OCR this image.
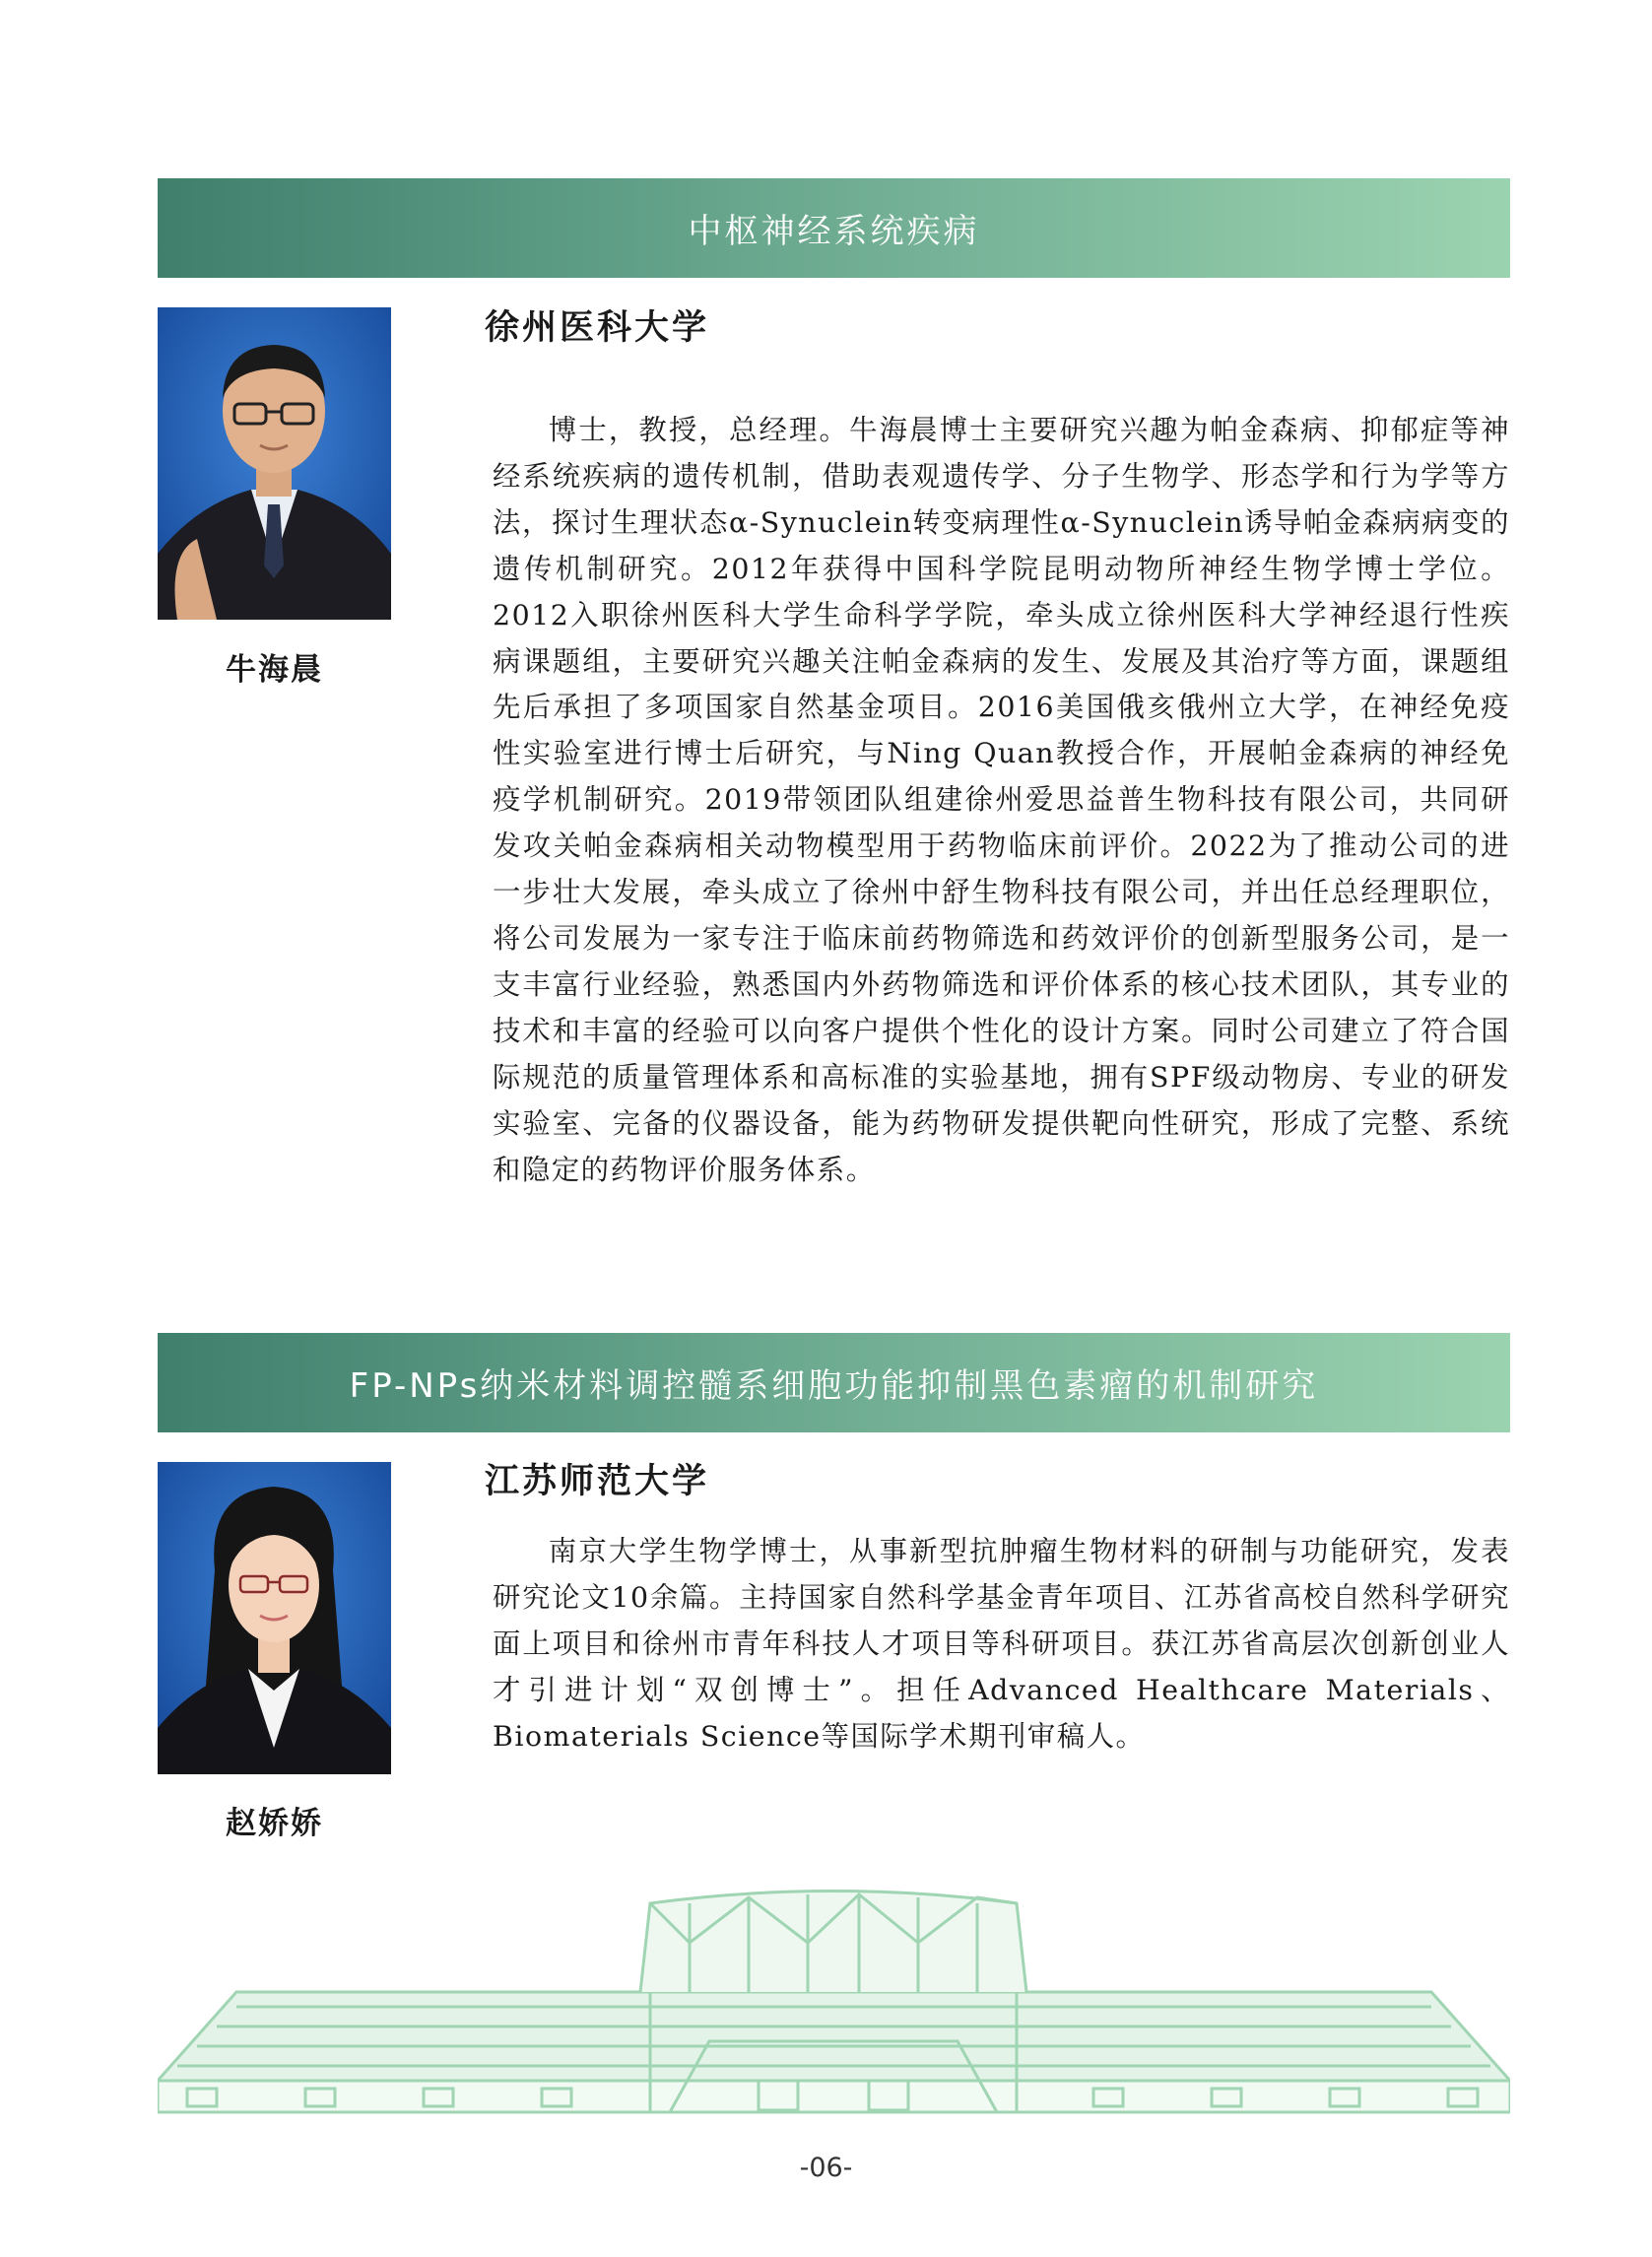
中枢神经系统疾病
牛海晨
徐州医科大学

博士，教授，总经理。牛海晨博士主要研究兴趣为帕金森病、抑郁症等神经系统疾病的遗传机制，借助表观遗传学、分子生物学、形态学和行为学等方法，探讨生理状态α-Synuclein转变病理性α-Synuclein诱导帕金森病病变的遗传机制研究。2012年获得中国科学院昆明动物所神经生物学博士学位。2012入职徐州医科大学生命科学学院，牵头成立徐州医科大学神经退行性疾病课题组，主要研究兴趣关注帕金森病的发生、发展及其治疗等方面，课题组先后承担了多项国家自然基金项目。2016美国俄亥俄州立大学，在神经免疫性实验室进行博士后研究，与Ning Quan教授合作，开展帕金森病的神经免疫学机制研究。2019带领团队组建徐州爱思益普生物科技有限公司，共同研发攻关帕金森病相关动物模型用于药物临床前评价。2022为了推动公司的进一步壮大发展，牵头成立了徐州中舒生物科技有限公司，并出任总经理职位，将公司发展为一家专注于临床前药物筛选和药效评价的创新型服务公司，是一支丰富行业经验，熟悉国内外药物筛选和评价体系的核心技术团队，其专业的技术和丰富的经验可以向客户提供个性化的设计方案。同时公司建立了符合国际规范的质量管理体系和高标准的实验基地，拥有SPF级动物房、专业的研发实验室、完备的仪器设备，能为药物研发提供靶向性研究，形成了完整、系统和隐定的药物评价服务体系。

FP-NPs纳米材料调控髓系细胞功能抑制黑色素瘤的机制研究
赵娇娇
江苏师范大学

南京大学生物学博士，从事新型抗肿瘤生物材料的研制与功能研究，发表研究论文10余篇。主持国家自然科学基金青年项目、江苏省高校自然科学研究面上项目和徐州市青年科技人才项目等科研项目。获江苏省高层次创新创业人才引进计划“双创博士”。担任Advanced Healthcare Materials、Biomaterials Science等国际学术期刊审稿人。

-06-
